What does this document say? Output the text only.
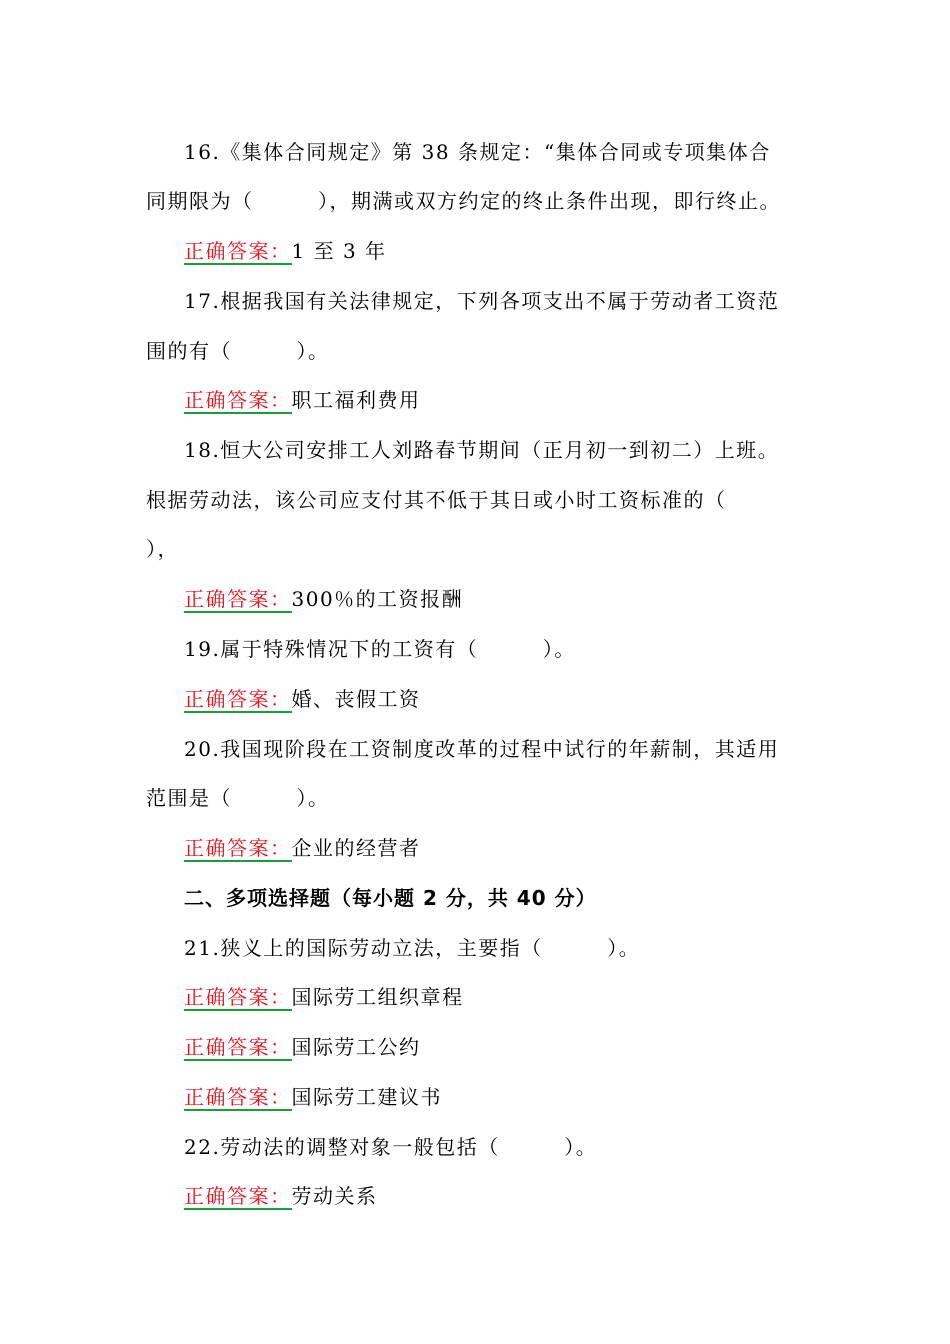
16.《集体合同规定》第 38 条规定：“集体合同或专项集体合
同期限为（　　　），期满或双方约定的终止条件出现，即行终止。
正确答案：1 至 3 年
17.根据我国有关法律规定，下列各项支出不属于劳动者工资范
围的有（　　　）。
正确答案：职工福利费用
18.恒大公司安排工人刘路春节期间（正月初一到初二）上班。
根据劳动法，该公司应支付其不低于其日或小时工资标准的（
），
正确答案：300％的工资报酬
19.属于特殊情况下的工资有（　　　）。
正确答案：婚、丧假工资
20.我国现阶段在工资制度改革的过程中试行的年薪制，其适用
范围是（　　　）。
正确答案：企业的经营者
二、多项选择题（每小题 2 分，共 40 分）
21.狭义上的国际劳动立法，主要指（　　　）。
正确答案：国际劳工组织章程
正确答案：国际劳工公约
正确答案：国际劳工建议书
22.劳动法的调整对象一般包括（　　　）。
正确答案：劳动关系
